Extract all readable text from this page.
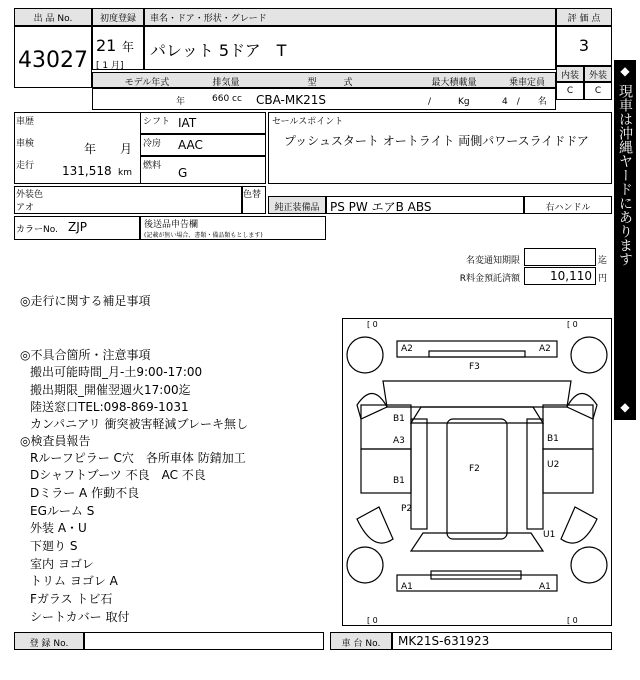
出 品 No.
43027
初度登録
21 年
[ 1 月]
車名・ドア・形状・グレード
パレット 5ドア　T
評 価 点
3
内装	外装
C	C
モデル年式	排気量	型　　　式	最大積載量	乗車定員
年	660 cc CBA-MK21S	/　　　Kg	4　/　　名
車歴
車検	年　　月
走行 131,518 km
シフト IAT
冷房 AAC
燃料 G
セールスポイント
プッシュスタート オートライト 両側パワースライドドア
外装色
アオ
色替
純正装備品 PS PW エアB ABS	右ハンドル
カラーNo. ZJP	後送品申告欄
(記載が無い場合、書類・備品類もとします)
名変通知期限	迄
R料金預託済額	10,110 円
◆
現車は沖縄ヤードにあります
◆
◎走行に関する補足事項
◎不具合箇所・注意事項
搬出可能時間_月-土9:00-17:00
搬出期限_開催翌週火17:00迄
陸送窓口TEL:098-869-1031
カンパニアリ 衝突被害軽減ブレーキ無し
◎検査員報告
Rルーフピラー C穴　各所車体 防錆加工
Dシャフトブーツ 不良　AC 不良
Dミラー A 作動不良
EGルーム S
外装 A・U
下廻り S
室内 ヨゴレ
トリム ヨゴレ A
Fガラス トビ石
シートカバー 取付
[ 0	[ 0
[ 0	[ 0
A2	A2
F3
B1
A3
F2
B1
U2
B1
P2
U1
A1	A1
登 録 No.	車 台 No.	MK21S-631923
